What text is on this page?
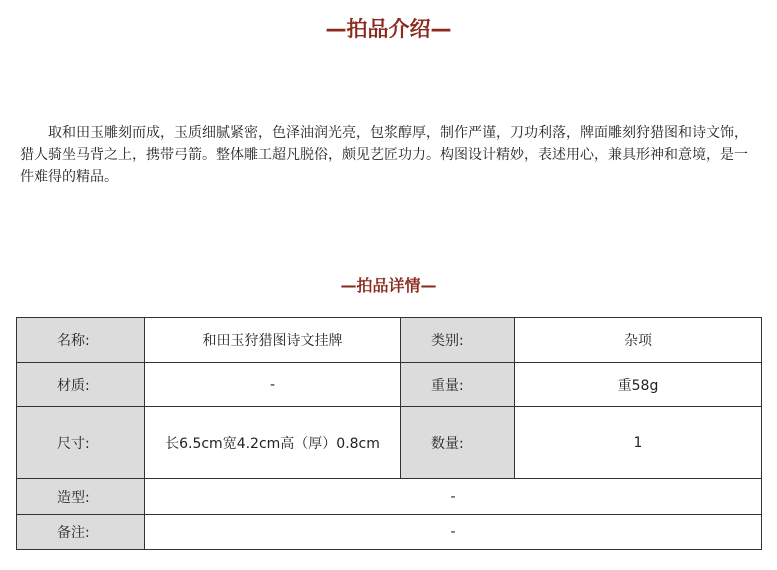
—拍品介绍—

取和田玉雕刻而成，玉质细腻紧密，色泽油润光亮，包浆醇厚，制作严谨，刀功利落，牌面雕刻狩猎图和诗文饰，猎人骑坐马背之上，携带弓箭。整体雕工超凡脱俗，颇见艺匠功力。构图设计精妙，表述用心，兼具形神和意境，是一件难得的精品。

—拍品详情—
名称:	和田玉狩猎图诗文挂牌	类别:	杂项
材质:	-	重量:	重58g
尺寸:	长6.5cm宽4.2cm高（厚）0.8cm	数量:	1
造型:	-		
备注:	-		
